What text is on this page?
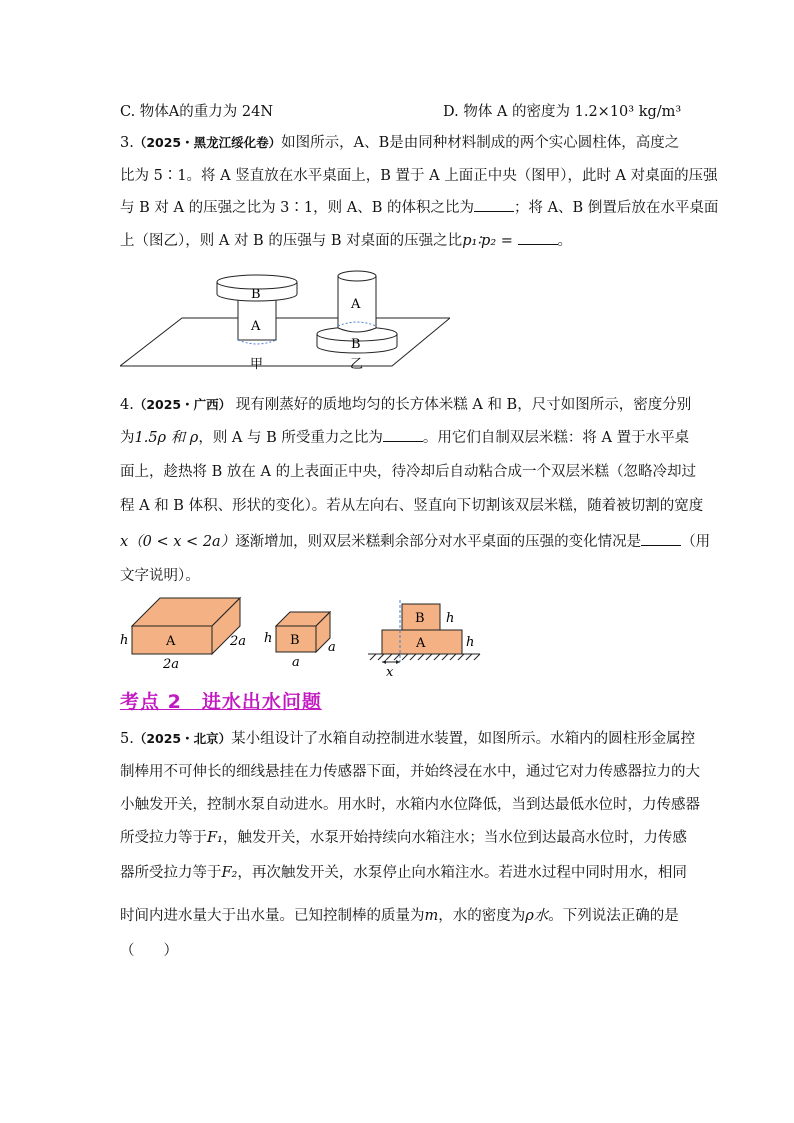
C. 物体A的重力为 24N	D. 物体 A 的密度为 1.2×10³ kg/m³
3.（2025・黑龙江绥化卷）如图所示，A、B是由同种材料制成的两个实心圆柱体，高度之
比为 5∶1。将 A 竖直放在水平桌面上，B 置于 A 上面正中央（图甲），此时 A 对桌面的压强
与 B 对 A 的压强之比为 3∶1，则 A、B 的体积之比为	；将 A、B 倒置后放在水平桌面
上（图乙），则 A 对 B 的压强与 B 对桌面的压强之比p₁∶p₂ =	。
A
B
甲
B
A
乙
4.（2025・广西） 现有刚蒸好的质地均匀的长方体米糕 A 和 B，尺寸如图所示，密度分别
为1.5ρ 和 ρ，则 A 与 B 所受重力之比为	。用它们自制双层米糕：将 A 置于水平桌
面上，趁热将 B 放在 A 的上表面正中央，待冷却后自动粘合成一个双层米糕（忽略冷却过
程 A 和 B 体积、形状的变化）。若从左向右、竖直向下切割该双层米糕，随着被切割的宽度
x（0 < x < 2a）逐渐增加，则双层米糕剩余部分对水平桌面的压强的变化情况是	（用
文字说明）。
A
h
2a
2a	B
h
a
a
B
A
h
h
x
考点 2　进水出水问题
5.（2025・北京）某小组设计了水箱自动控制进水装置，如图所示。水箱内的圆柱形金属控
制棒用不可伸长的细线悬挂在力传感器下面，并始终浸在水中，通过它对力传感器拉力的大
小触发开关，控制水泵自动进水。用水时，水箱内水位降低，当到达最低水位时，力传感器
所受拉力等于F₁，触发开关，水泵开始持续向水箱注水；当水位到达最高水位时，力传感
器所受拉力等于F₂，再次触发开关，水泵停止向水箱注水。若进水过程中同时用水，相同
时间内进水量大于出水量。已知控制棒的质量为m，水的密度为ρ水。下列说法正确的是
（　　）
